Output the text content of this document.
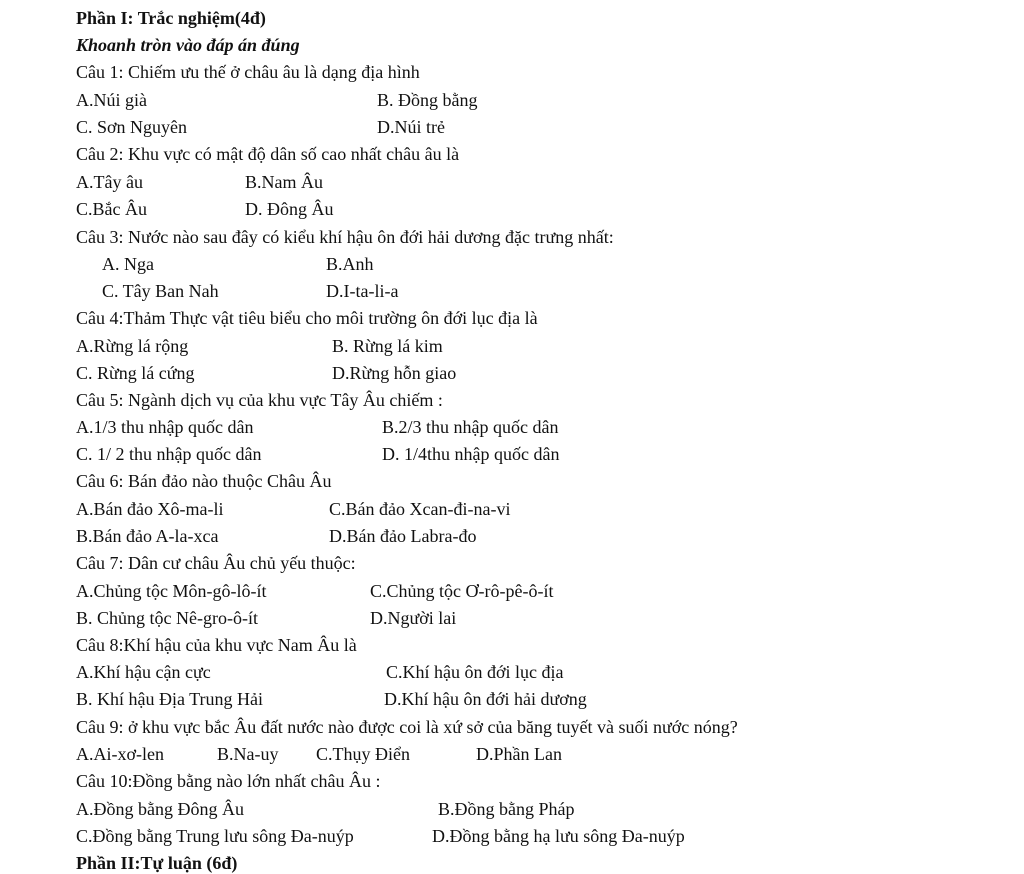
Phần I: Trắc nghiệm(4đ)
Khoanh tròn vào đáp án đúng
Câu 1: Chiếm ưu thế ở châu âu là dạng địa hình
A.Núi già	B. Đồng bằng
C. Sơn Nguyên	D.Núi trẻ
Câu 2: Khu vực có mật độ dân số cao nhất châu âu là
A.Tây âu	B.Nam Âu
C.Bắc Âu	D. Đông Âu
Câu 3: Nước nào sau đây có kiểu khí hậu ôn đới hải dương đặc trưng nhất:
A. Nga	B.Anh
C. Tây Ban Nah	D.I-ta-li-a
Câu 4:Thảm Thực vật tiêu biểu cho môi trường ôn đới lục địa là
A.Rừng lá rộng	B. Rừng lá kim
C. Rừng lá cứng	D.Rừng hỗn giao
Câu 5: Ngành dịch vụ của khu vực Tây Âu chiếm :
A.1/3 thu nhập quốc dân	B.2/3 thu nhập quốc dân
C. 1/ 2 thu nhập quốc dân	D. 1/4thu nhập quốc dân
Câu 6: Bán đảo nào thuộc Châu Âu
A.Bán đảo Xô-ma-li	C.Bán đảo Xcan-đi-na-vi
B.Bán đảo A-la-xca	D.Bán đảo Labra-đo
Câu 7: Dân cư châu Âu chủ yếu thuộc:
A.Chủng tộc Môn-gô-lô-ít	C.Chủng tộc Ơ-rô-pê-ô-ít
B. Chủng tộc Nê-gro-ô-ít	D.Người lai
Câu 8:Khí hậu của khu vực Nam Âu là
A.Khí hậu cận cực	C.Khí hậu ôn đới lục địa
B. Khí hậu Địa Trung Hải	D.Khí hậu ôn đới hải dương
Câu 9: ở khu vực bắc Âu đất nước nào được coi là xứ sở của băng tuyết và suối nước nóng?
A.Ai-xơ-len	B.Na-uy C.Thụy Điển	D.Phần Lan
Câu 10:Đồng bằng nào lớn nhất châu Âu :
A.Đồng bằng Đông Âu	B.Đồng bằng Pháp
C.Đồng bằng Trung lưu sông Đa-nuýp	D.Đồng bằng hạ lưu sông Đa-nuýp
Phần II:Tự luận (6đ)
